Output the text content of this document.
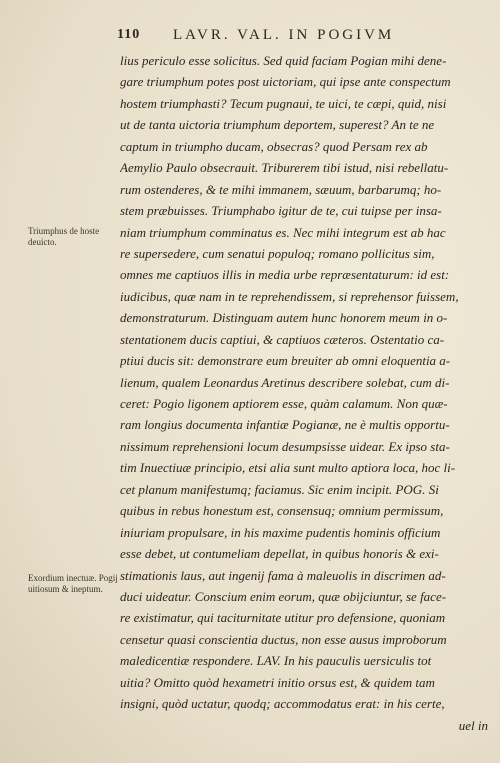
110 LAVR. VAL. IN POGIVM
Triumphus de hoste deuicto.
Exordium inectuæ. Pogij uitiosum & ineptum.
lius periculo esse solicitus. Sed quid faciam Pogian mihi dene-
gare triumphum potes post uictoriam, qui ipse ante conspectum
hostem triumphasti? Tecum pugnaui, te uici, te cæpi, quid, nisi
ut de tanta uictoria triumphum deportem, superest? An te ne
captum in triumpho ducam, obsecras? quod Persam rex ab
Aemylio Paulo obsecrauit. Triburerem tibi istud, nisi rebellatu-
rum ostenderes, & te mihi immanem, sæuum, barbarumq; ho-
stem præbuisses. Triumphabo igitur de te, cui tuipse per insa-
niam triumphum comminatus es. Nec mihi integrum est ab hac
re supersedere, cum senatui populoq; romano pollicitus sim,
omnes me captiuos illis in media urbe repræsentaturum: id est:
iudicibus, quæ nam in te reprehendissem, si reprehensor fuissem,
demonstraturum. Distinguam autem hunc honorem meum in o-
stentationem ducis captiui, & captiuos cæteros. Ostentatio ca-
ptiui ducis sit: demonstrare eum breuiter ab omni eloquentia a-
lienum, qualem Leonardus Aretinus describere solebat, cum di-
ceret: Pogio ligonem aptiorem esse, quàm calamum. Non quæ-
ram longius documenta infantiæ Pogianæ, ne è multis opportu-
nissimum reprehensioni locum desumpsisse uidear. Ex ipso sta-
tim Inuectiuæ principio, etsi alia sunt multo aptiora loca, hoc li-
cet planum manifestumq; faciamus. Sic enim incipit. POG. Si
quibus in rebus honestum est, consensuq; omnium permissum,
iniuriam propulsare, in his maxime pudentis hominis officium
esse debet, ut contumeliam depellat, in quibus honoris & exi-
stimationis laus, aut ingenij fama à maleuolis in discrimen ad-
duci uideatur. Conscium enim eorum, quæ obijciuntur, se face-
re existimatur, qui taciturnitate utitur pro defensione, quoniam
censetur quasi conscientia ductus, non esse ausus improborum
maledicentiæ respondere. LAV. In his pauculis uersiculis tot
uitia? Omitto quòd hexametri initio orsus est, & quidem tam
insigni, quòd uctatur, quodq; accommodatus erat: in his certe,
uel in
